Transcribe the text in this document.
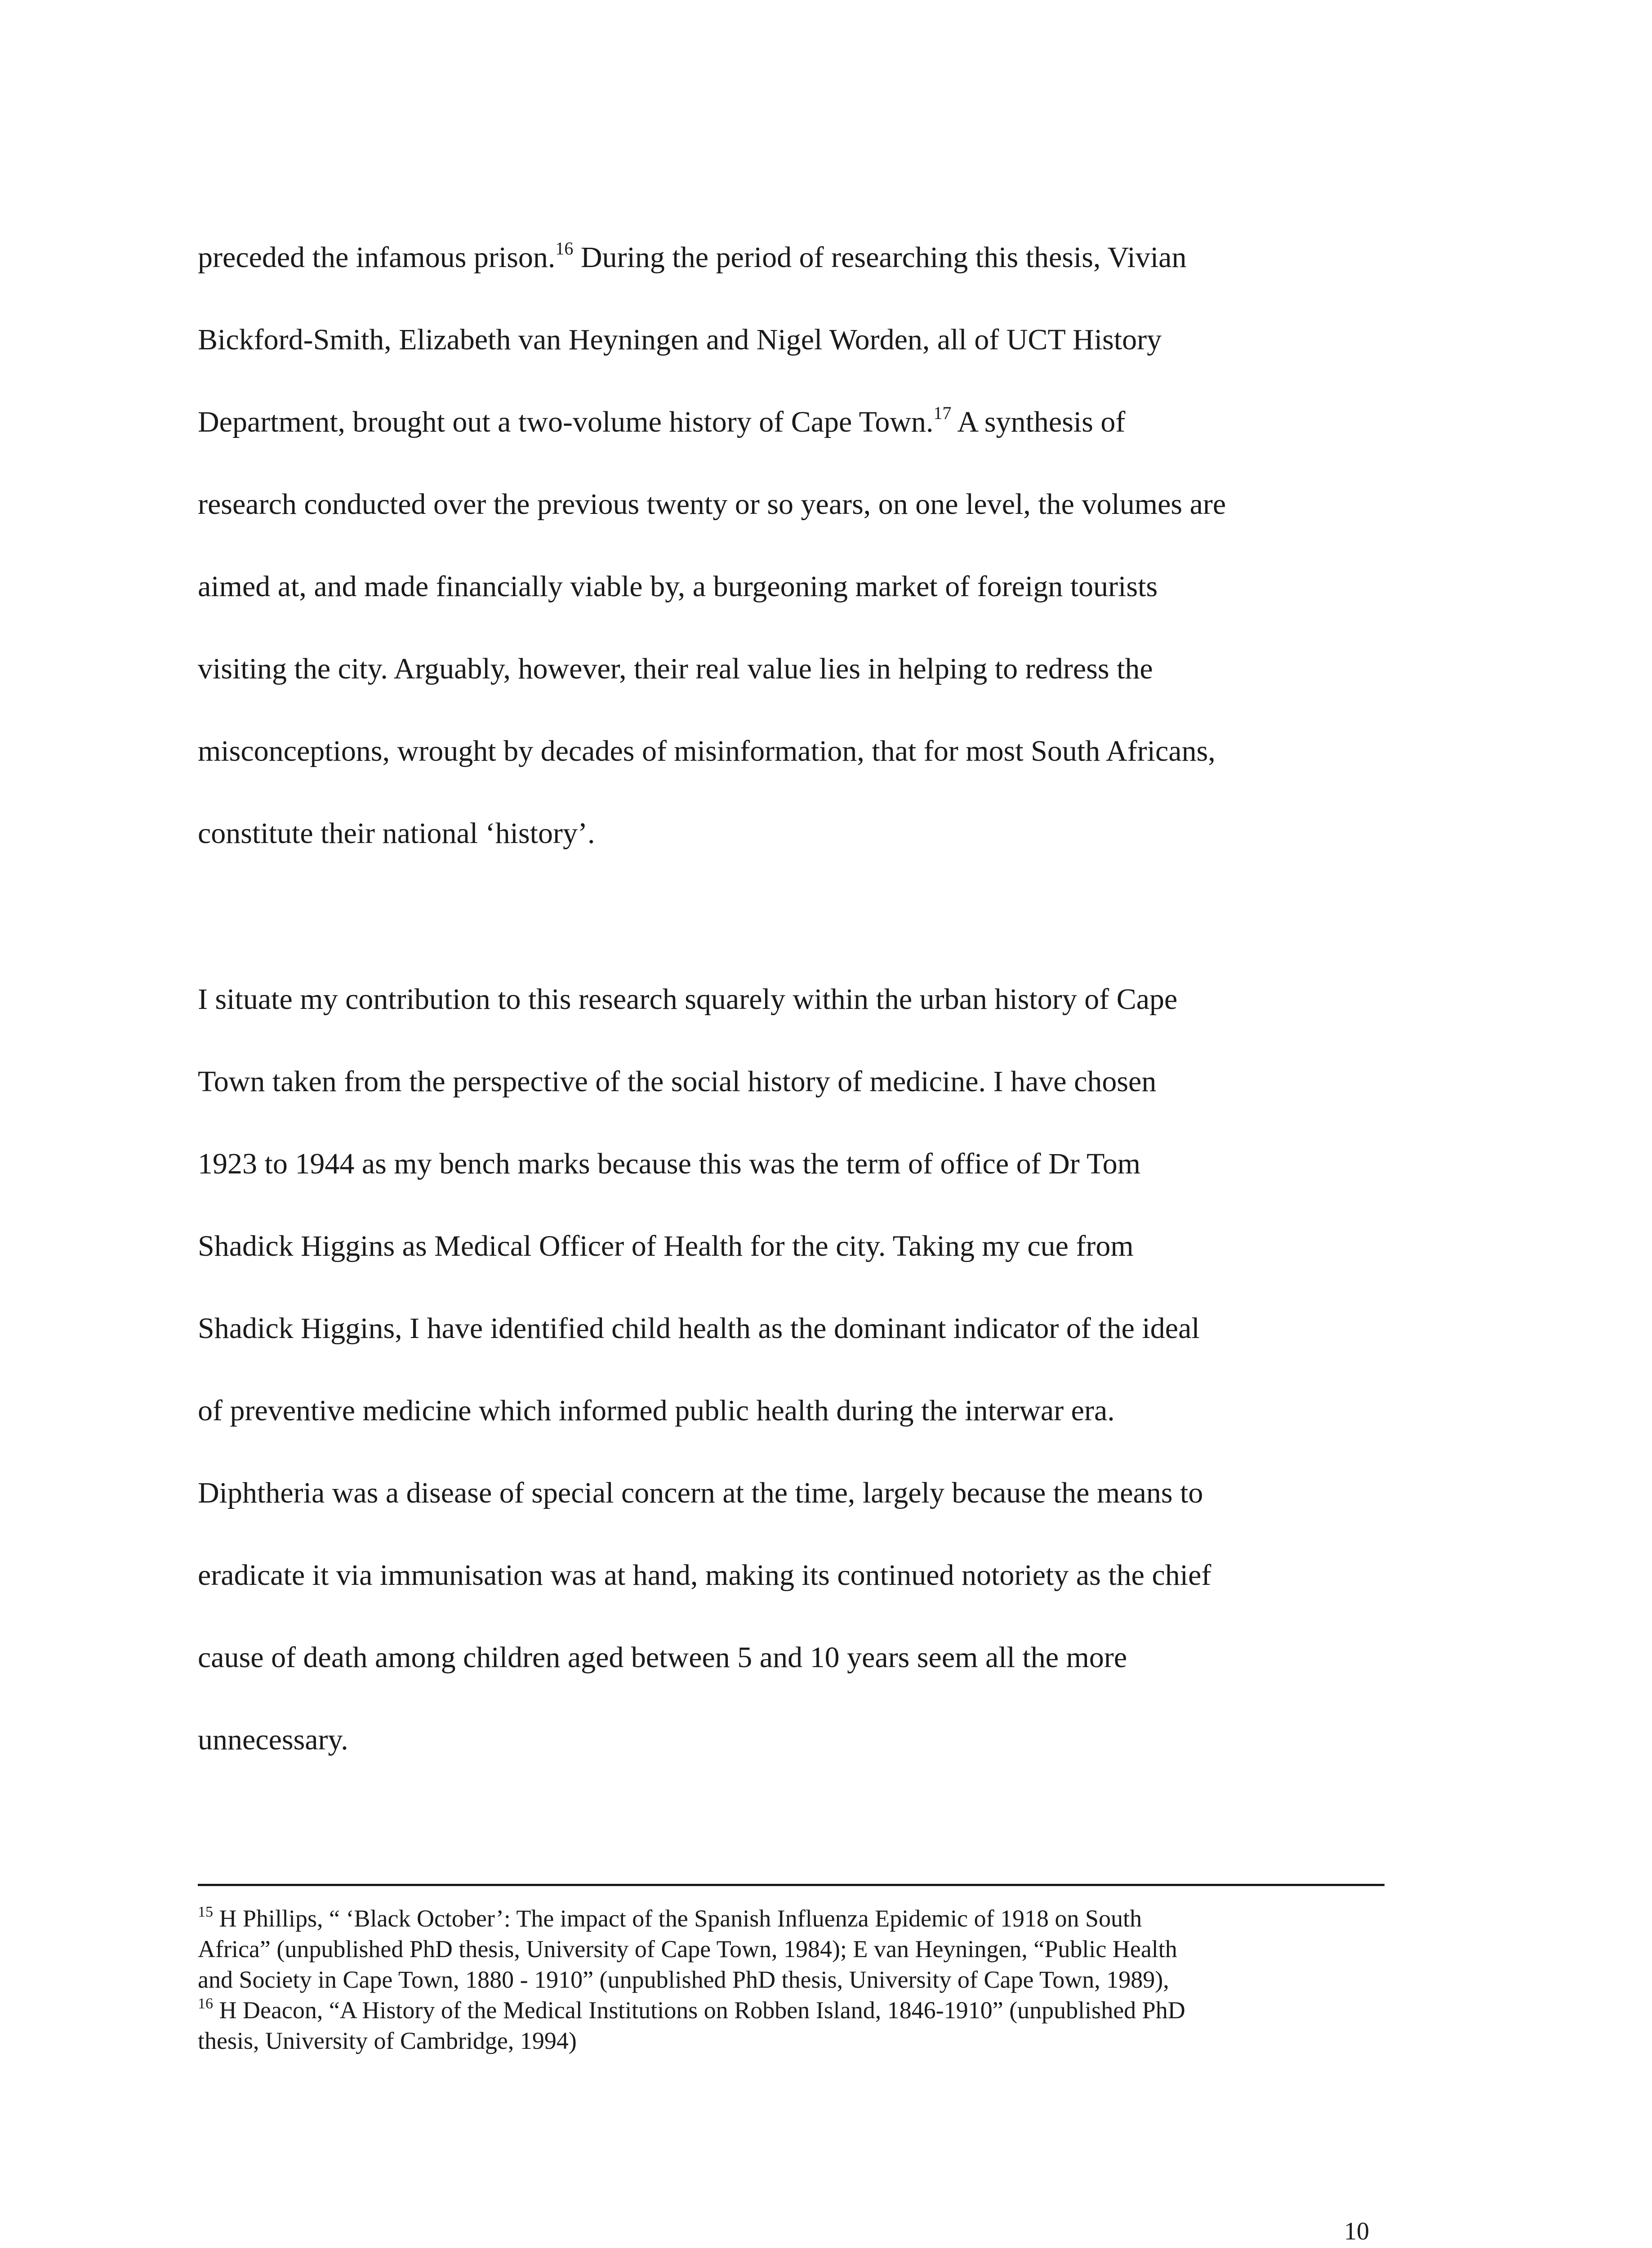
preceded the infamous prison.$^{16}$ During the period of researching this thesis, Vivian
Bickford-Smith, Elizabeth van Heyningen and Nigel Worden, all of UCT History
Department, brought out a two-volume history of Cape Town.$^{17}$ A synthesis of
research conducted over the previous twenty or so years, on one level, the volumes are
aimed at, and made financially viable by, a burgeoning market of foreign tourists
visiting the city. Arguably, however, their real value lies in helping to redress the
misconceptions, wrought by decades of misinformation, that for most South Africans,
constitute their national ‘history’.
I situate my contribution to this research squarely within the urban history of Cape
Town taken from the perspective of the social history of medicine. I have chosen
1923 to 1944 as my bench marks because this was the term of office of Dr Tom
Shadick Higgins as Medical Officer of Health for the city. Taking my cue from
Shadick Higgins, I have identified child health as the dominant indicator of the ideal
of preventive medicine which informed public health during the interwar era.
Diphtheria was a disease of special concern at the time, largely because the means to
eradicate it via immunisation was at hand, making its continued notoriety as the chief
cause of death among children aged between 5 and 10 years seem all the more
unnecessary.
$^{15}$ H Phillips, “ ‘Black October’: The impact of the Spanish Influenza Epidemic of 1918 on South
Africa” (unpublished PhD thesis, University of Cape Town, 1984); E van Heyningen, “Public Health
and Society in Cape Town, 1880 - 1910” (unpublished PhD thesis, University of Cape Town, 1989),
$^{16}$ H Deacon, “A History of the Medical Institutions on Robben Island, 1846-1910” (unpublished PhD
thesis, University of Cambridge, 1994)
10
